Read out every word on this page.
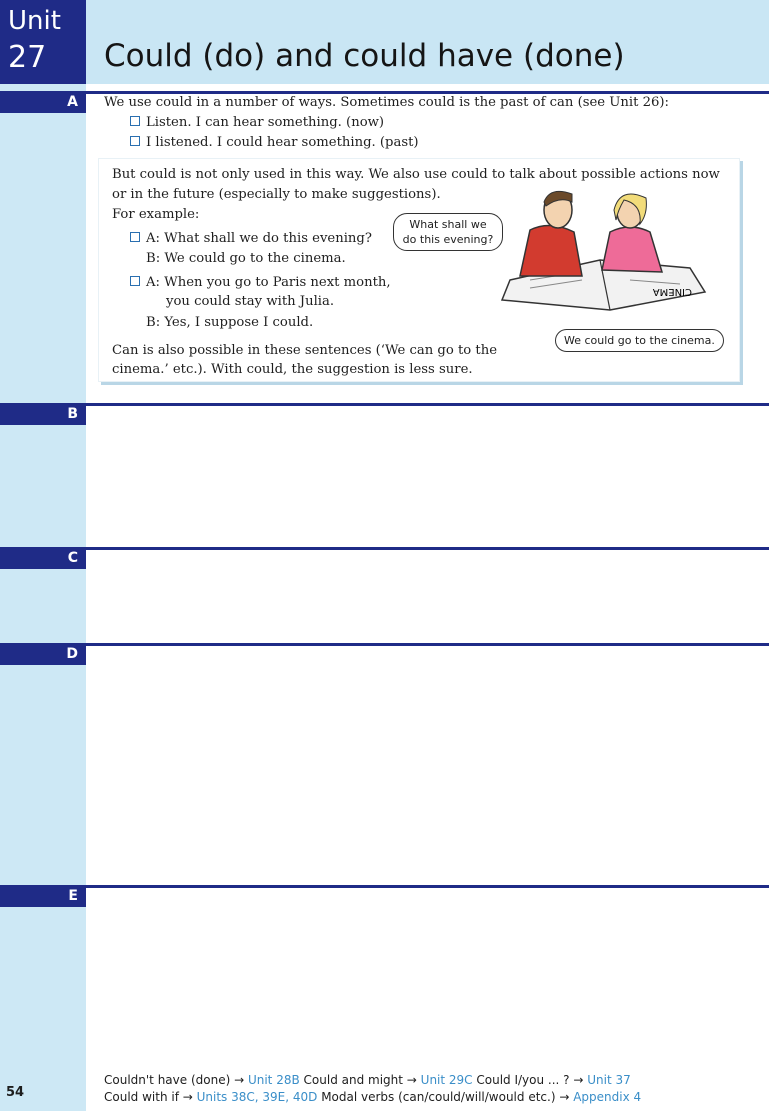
Unit
27 Could (do) and could have (done)
A
B
C
D
E
We use could in a number of ways. Sometimes could is the past of can (see Unit 26):
Listen. I can hear something. (now)
I listened. I could hear something. (past)
But could is not only used in this way. We also use could to talk about possible actions now
or in the future (especially to make suggestions).
For example:
A: What shall we do this evening?
B: We could go to the cinema.
A: When you go to Paris next month,
you could stay with Julia.
B: Yes, I suppose I could.
Can is also possible in these sentences (‘We can go to the
cinema.’ etc.). With could, the suggestion is less sure.
CINEMA
What shall we do this evening?
We could go to the cinema.
Couldn't have (done) → Unit 28B Could and might → Unit 29C Could I/you ... ? → Unit 37
Could with if → Units 38C, 39E, 40D Modal verbs (can/could/will/would etc.) → Appendix 4
54
